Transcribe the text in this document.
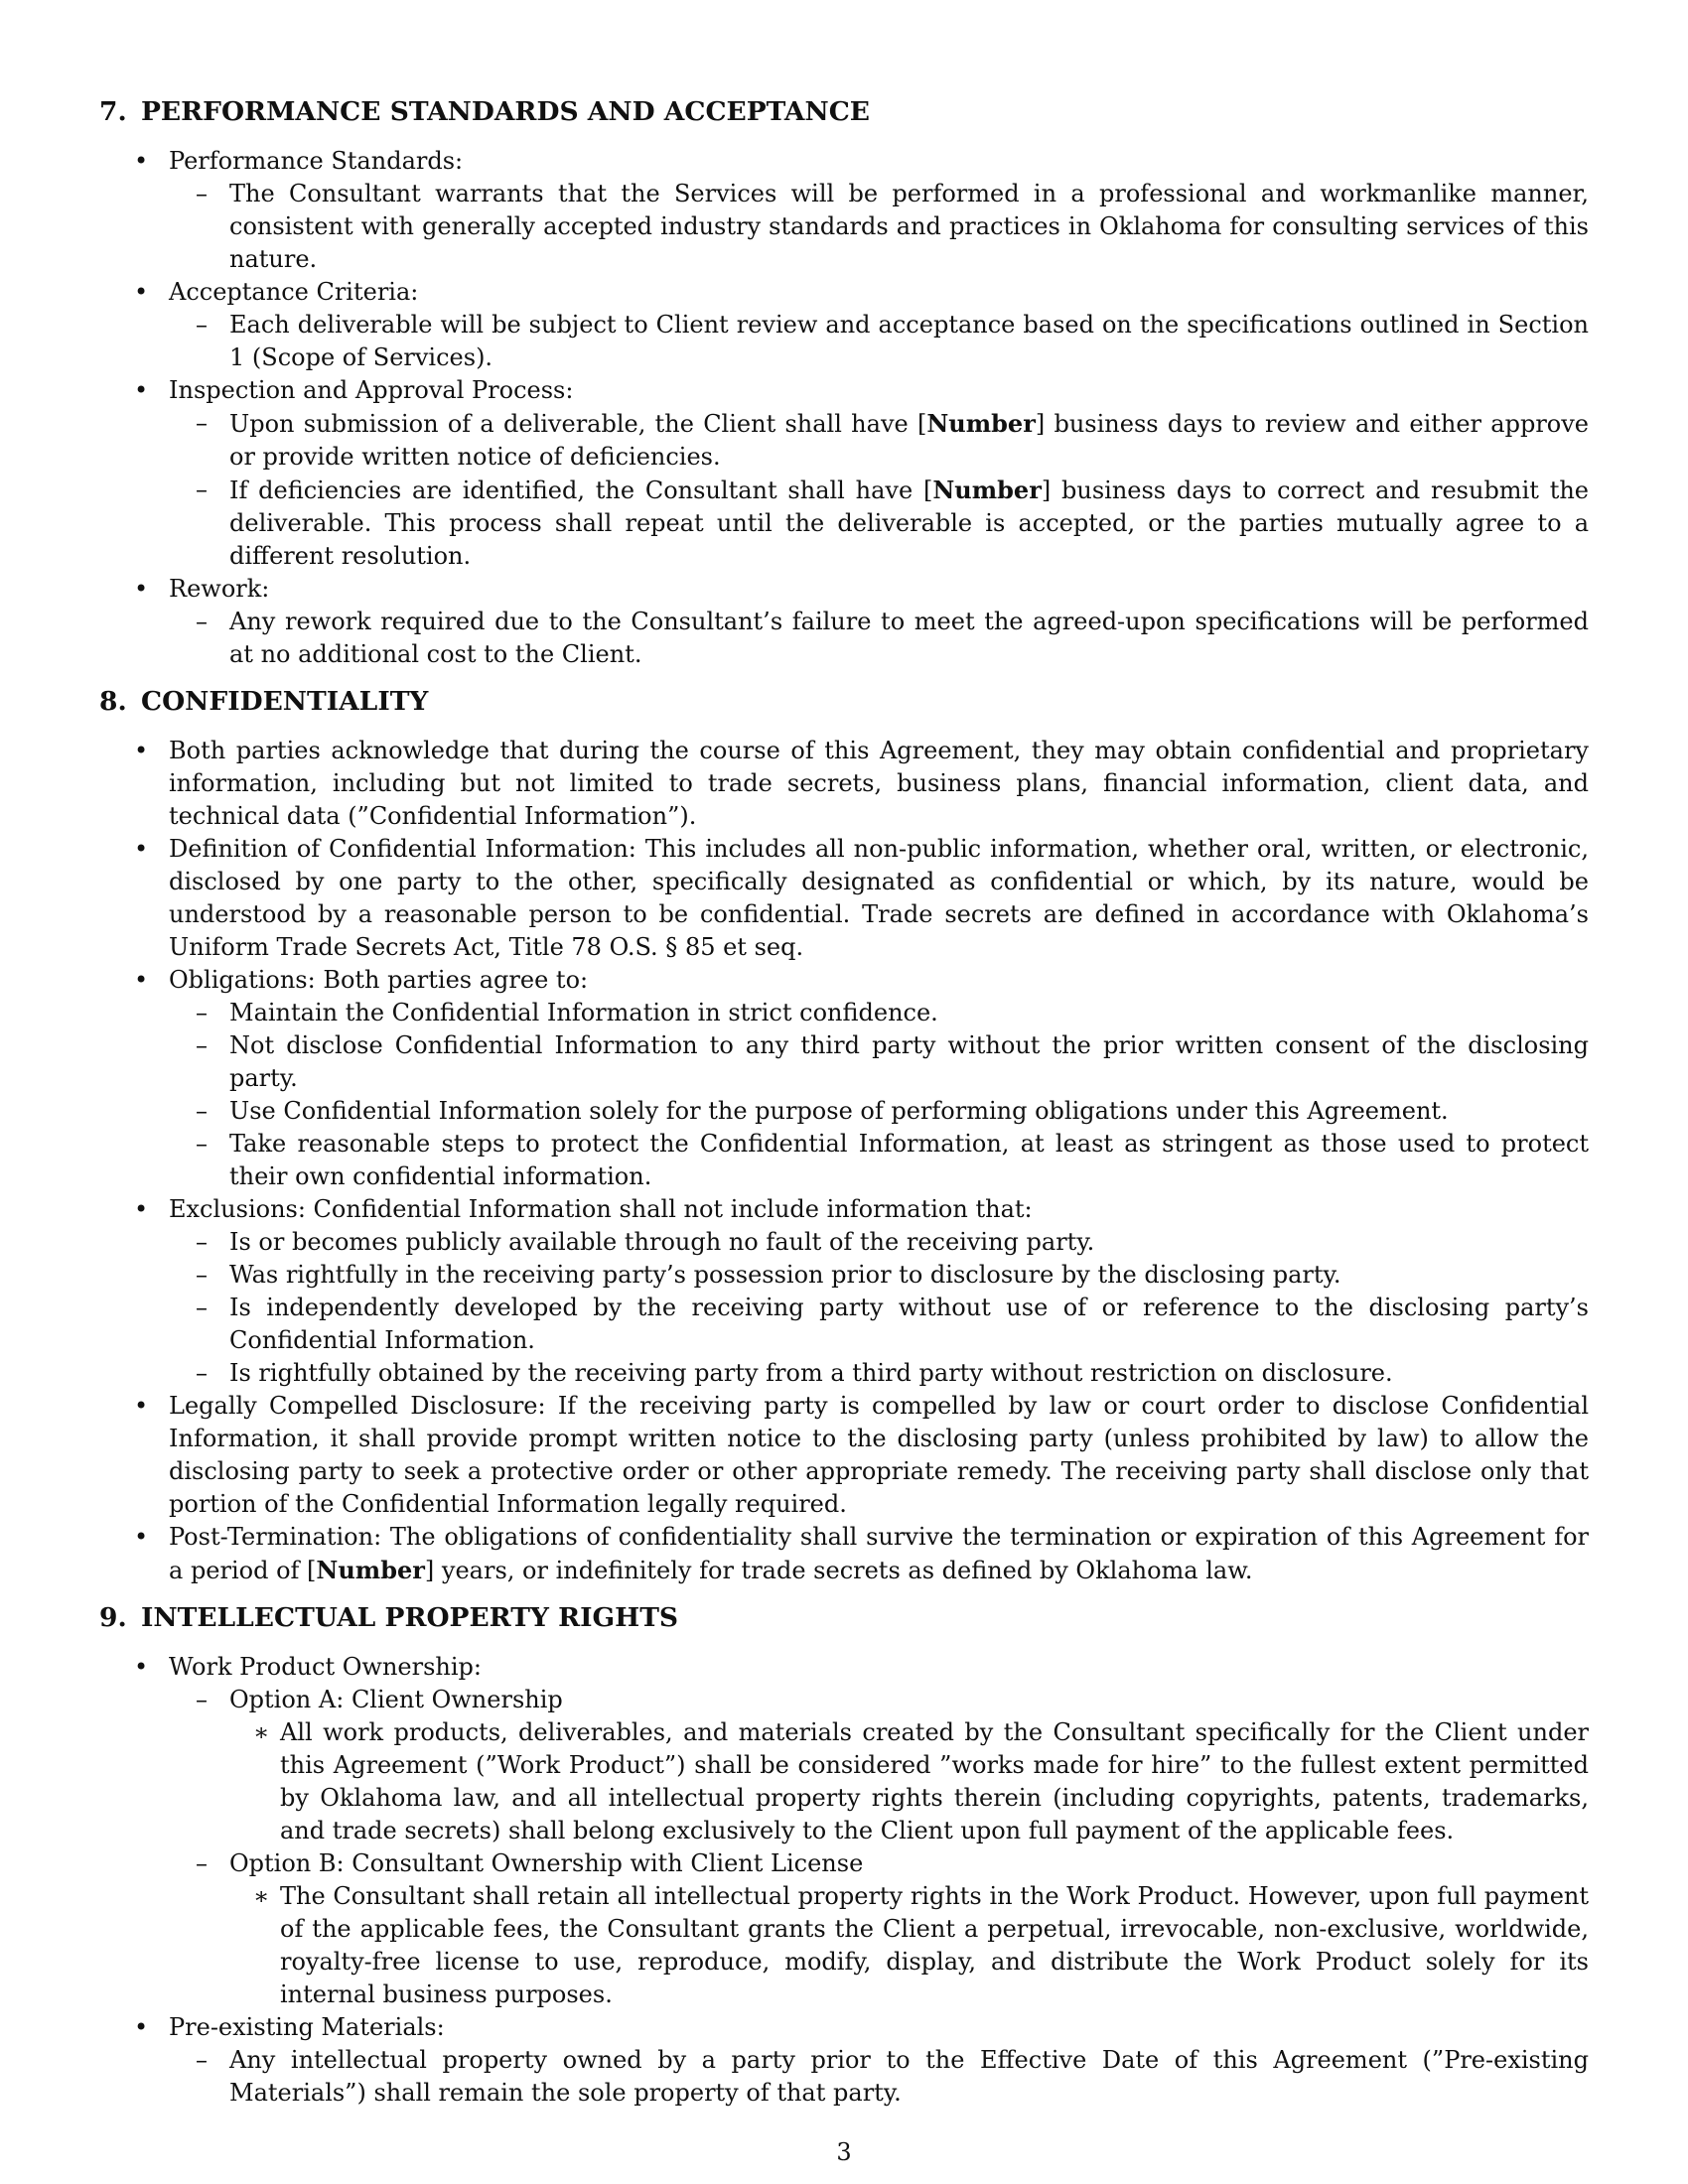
7. PERFORMANCE STANDARDS AND ACCEPTANCE
• Performance Standards:

– The Consultant warrants that the Services will be performed in a professional and workmanlike manner, consistent with generally accepted industry standards and practices in Oklahoma for consulting services of this nature.

• Acceptance Criteria:

– Each deliverable will be subject to Client review and acceptance based on the specifications outlined in Section 1 (Scope of Services).

• Inspection and Approval Process:

– Upon submission of a deliverable, the Client shall have [Number] business days to review and either approve or provide written notice of deficiencies.

– If deficiencies are identified, the Consultant shall have [Number] business days to correct and resubmit the deliverable. This process shall repeat until the deliverable is accepted, or the parties mutually agree to a different resolution.

• Rework:

– Any rework required due to the Consultant’s failure to meet the agreed-upon specifications will be performed at no additional cost to the Client.

8. CONFIDENTIALITY

• Both parties acknowledge that during the course of this Agreement, they may obtain confidential and proprietary information, including but not limited to trade secrets, business plans, financial information, client data, and technical data (”Confidential Information”).

• Definition of Confidential Information: This includes all non-public information, whether oral, written, or electronic, disclosed by one party to the other, specifically designated as confidential or which, by its nature, would be understood by a reasonable person to be confidential. Trade secrets are defined in accordance with Oklahoma’s Uniform Trade Secrets Act, Title 78 O.S. § 85 et seq.

• Obligations: Both parties agree to:

– Maintain the Confidential Information in strict confidence.

– Not disclose Confidential Information to any third party without the prior written consent of the disclosing party.

– Use Confidential Information solely for the purpose of performing obligations under this Agreement.

– Take reasonable steps to protect the Confidential Information, at least as stringent as those used to protect their own confidential information.

• Exclusions: Confidential Information shall not include information that:

– Is or becomes publicly available through no fault of the receiving party.

– Was rightfully in the receiving party’s possession prior to disclosure by the disclosing party.

– Is independently developed by the receiving party without use of or reference to the disclosing party’s Confidential Information.

– Is rightfully obtained by the receiving party from a third party without restriction on disclosure.

• Legally Compelled Disclosure: If the receiving party is compelled by law or court order to disclose Confidential Information, it shall provide prompt written notice to the disclosing party (unless prohibited by law) to allow the disclosing party to seek a protective order or other appropriate remedy. The receiving party shall disclose only that portion of the Confidential Information legally required.

• Post-Termination: The obligations of confidentiality shall survive the termination or expiration of this Agreement for a period of [Number] years, or indefinitely for trade secrets as defined by Oklahoma law.

9. INTELLECTUAL PROPERTY RIGHTS
• Work Product Ownership:
– Option A: Client Ownership

∗ All work products, deliverables, and materials created by the Consultant specifically for the Client under this Agreement (”Work Product”) shall be considered ”works made for hire” to the fullest extent permitted by Oklahoma law, and all intellectual property rights therein (including copyrights, patents, trademarks, and trade secrets) shall belong exclusively to the Client upon full payment of the applicable fees.

– Option B: Consultant Ownership with Client License

∗ The Consultant shall retain all intellectual property rights in the Work Product. However, upon full payment of the applicable fees, the Consultant grants the Client a perpetual, irrevocable, non-exclusive, worldwide, royalty-free license to use, reproduce, modify, display, and distribute the Work Product solely for its internal business purposes.

• Pre-existing Materials:

– Any intellectual property owned by a party prior to the Effective Date of this Agreement (”Pre-existing Materials”) shall remain the sole property of that party.

3
